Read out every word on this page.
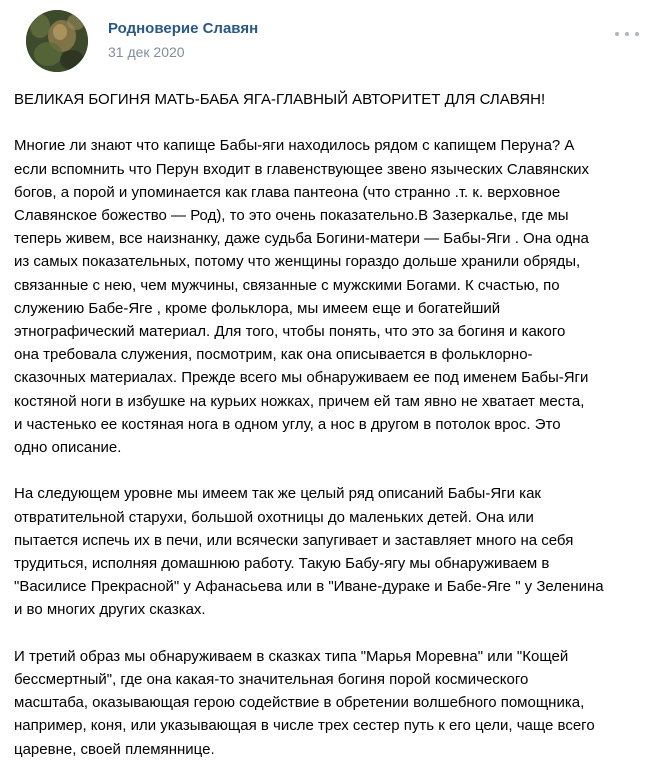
Родноверие Славян
31 дек 2020

ВЕЛИКАЯ БОГИНЯ МАТЬ-БАБА ЯГА-ГЛАВНЫЙ АВТОРИТЕТ ДЛЯ СЛАВЯН!

Многие ли знают что капище Бабы-яги находилось рядом с капищем Перуна? А
если вспомнить что Перун входит в главенствующее звено языческих Славянских
богов, а порой и упоминается как глава пантеона (что странно .т. к. верховное
Славянское божество — Род), то это очень показательно.В Зазеркалье, где мы
теперь живем, все наизнанку, даже судьба Богини-матери — Бабы-Яги . Она одна
из самых показательных, потому что женщины гораздо дольше хранили обряды,
связанные с нею, чем мужчины, связанные с мужскими Богами. К счастью, по
служению Бабе-Яге , кроме фольклора, мы имеем еще и богатейший
этнографический материал. Для того, чтобы понять, что это за богиня и какого
она требовала служения, посмотрим, как она описывается в фольклорно-
сказочных материалах. Прежде всего мы обнаруживаем ее под именем Бабы-Яги
костяной ноги в избушке на курьих ножках, причем ей там явно не хватает места,
и частенько ее костяная нога в одном углу, а нос в другом в потолок врос. Это
одно описание.

На следующем уровне мы имеем так же целый ряд описаний Бабы-Яги как
отвратительной старухи, большой охотницы до маленьких детей. Она или
пытается испечь их в печи, или всячески запугивает и заставляет много на себя
трудиться, исполняя домашнюю работу. Такую Бабу-ягу мы обнаруживаем в
"Василисе Прекрасной" у Афанасьева или в "Иване-дураке и Бабе-Яге " у Зеленина
и во многих других сказках.

И третий образ мы обнаруживаем в сказках типа "Марья Моревна" или "Кощей
бессмертный", где она какая-то значительная богиня порой космического
масштаба, оказывающая герою содействие в обретении волшебного помощника,
например, коня, или указывающая в числе трех сестер путь к его цели, чаще всего
царевне, своей племяннице.
